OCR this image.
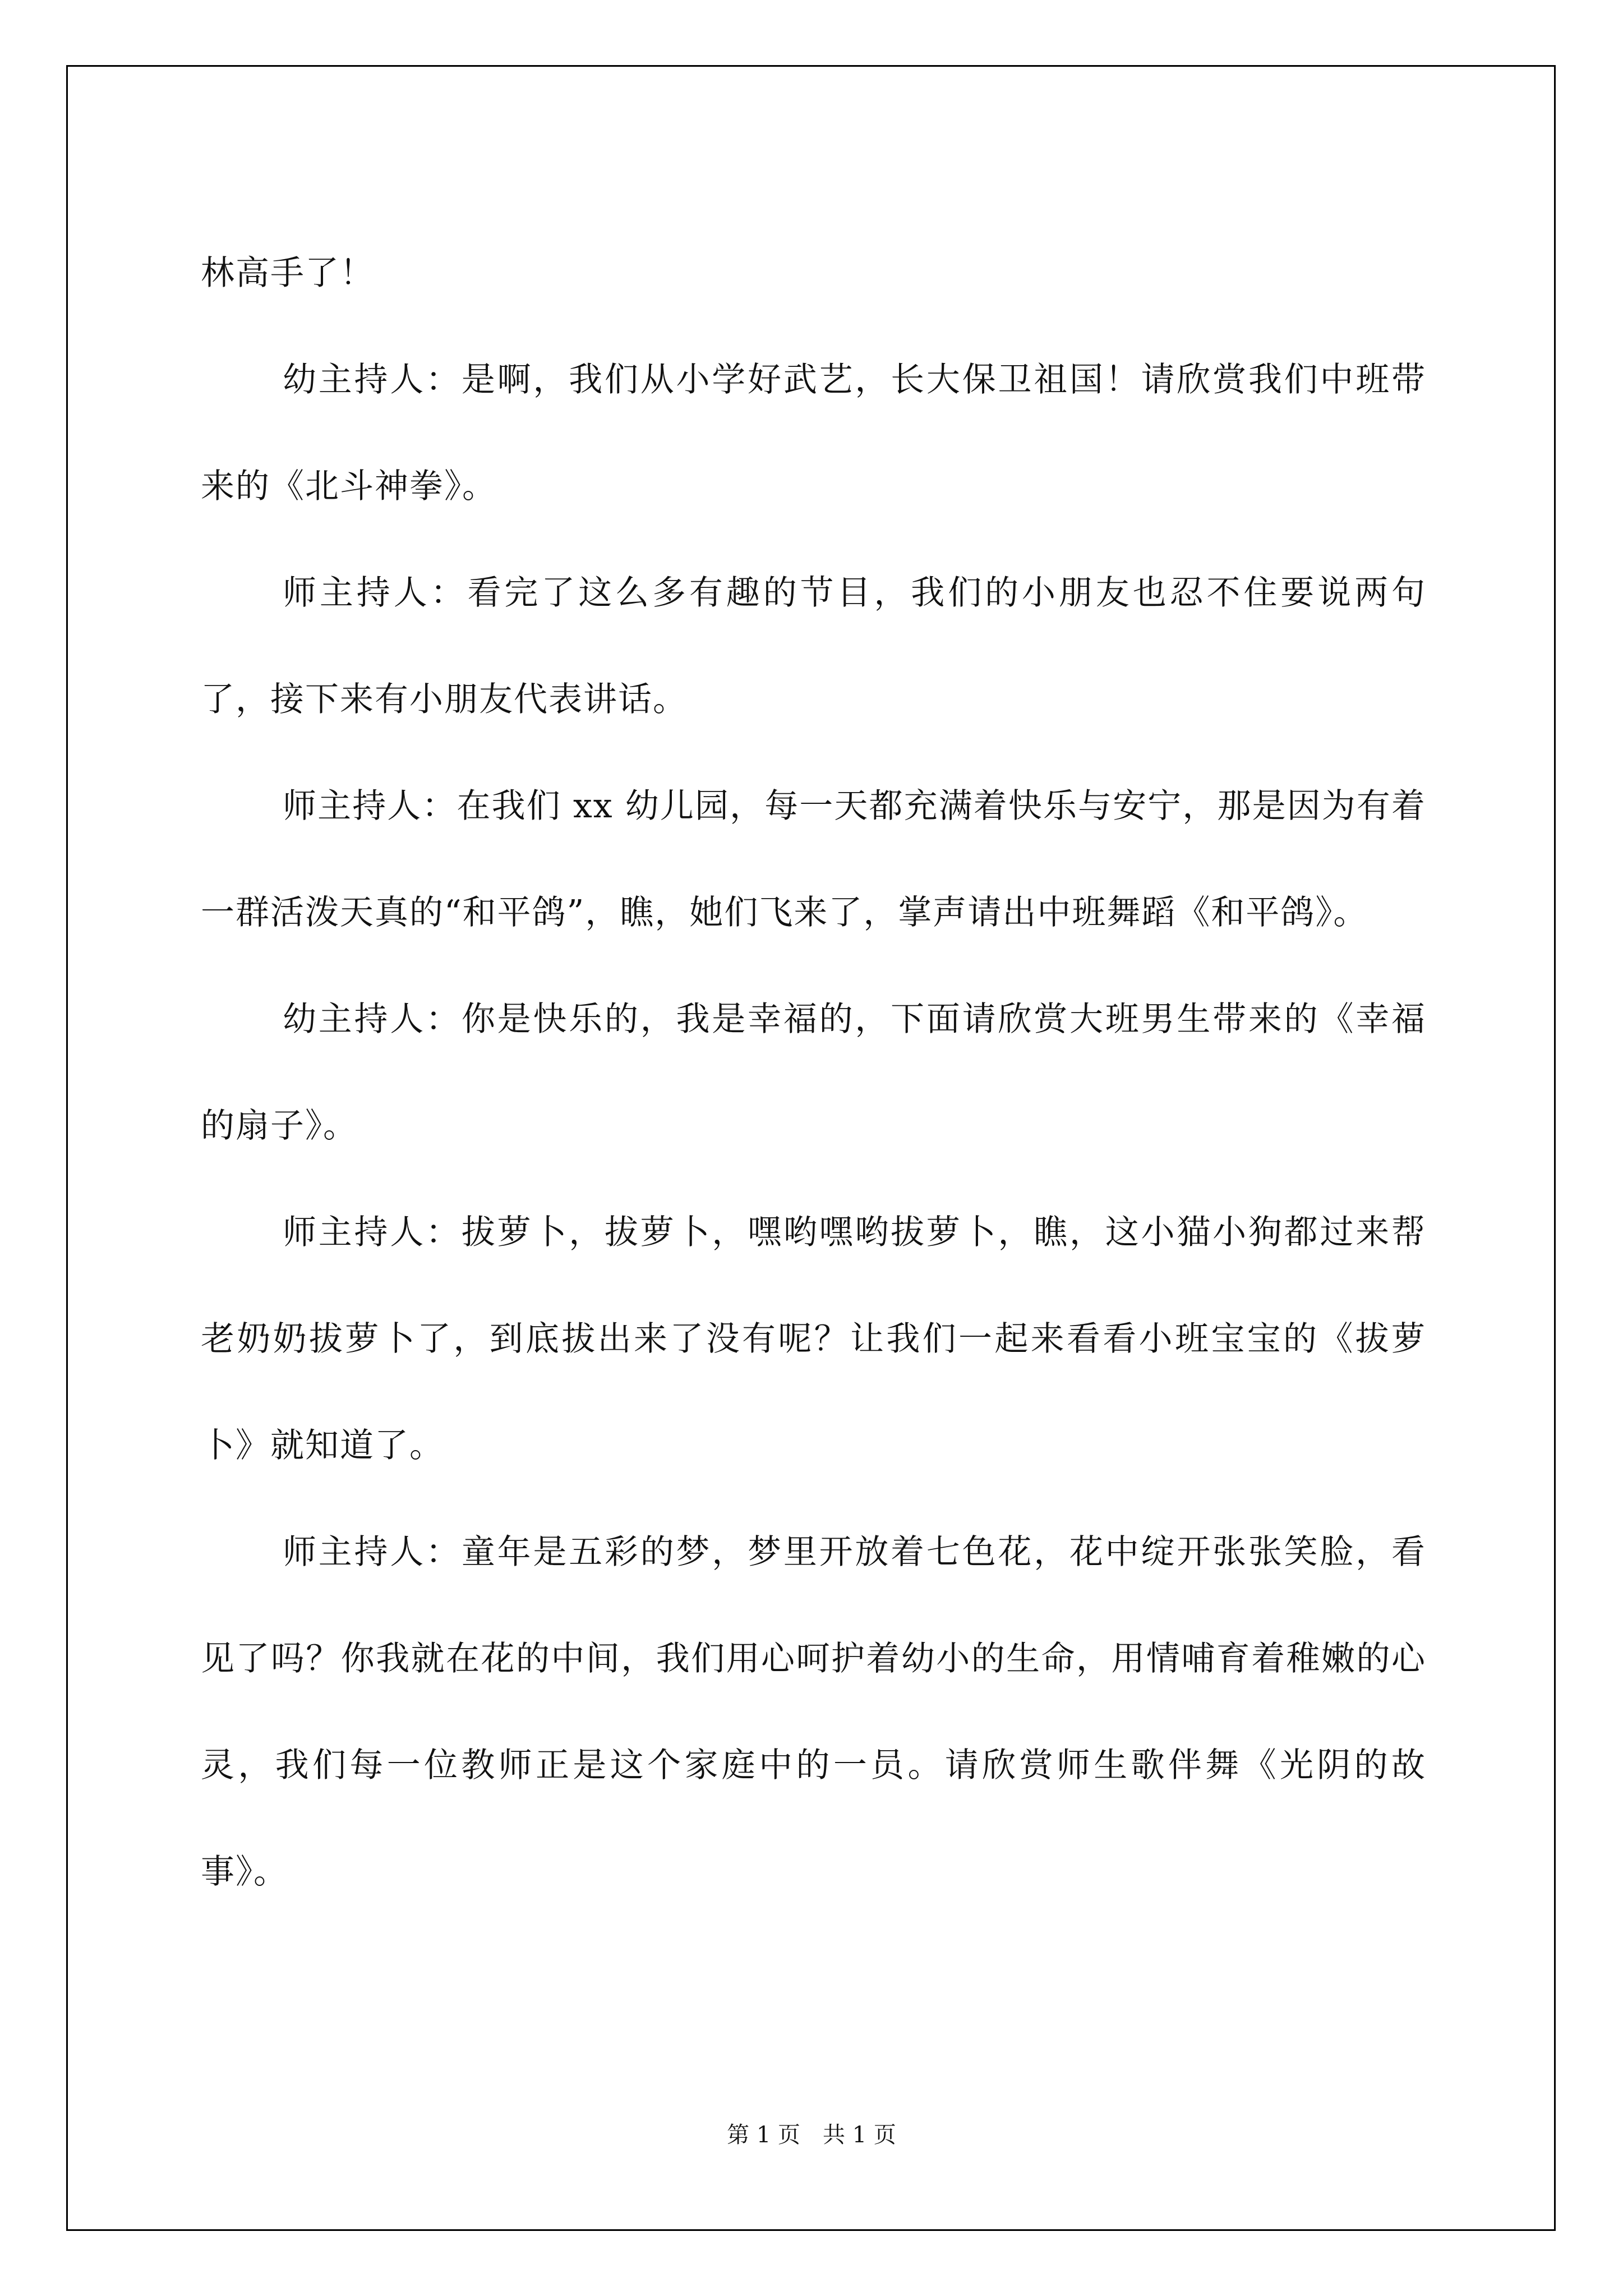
林高手了！

幼主持人：是啊，我们从小学好武艺，长大保卫祖国！请欣赏我们中班带来的《北斗神拳》。

师主持人：看完了这么多有趣的节目，我们的小朋友也忍不住要说两句了，接下来有小朋友代表讲话。

师主持人：在我们 xx 幼儿园，每一天都充满着快乐与安宁，那是因为有着一群活泼天真的“和平鸽”，瞧，她们飞来了，掌声请出中班舞蹈《和平鸽》。

幼主持人：你是快乐的，我是幸福的，下面请欣赏大班男生带来的《幸福的扇子》。

师主持人：拔萝卜，拔萝卜，嘿哟嘿哟拔萝卜，瞧，这小猫小狗都过来帮老奶奶拔萝卜了，到底拔出来了没有呢？让我们一起来看看小班宝宝的《拔萝卜》就知道了。

师主持人：童年是五彩的梦，梦里开放着七色花，花中绽开张张笑脸，看见了吗？你我就在花的中间，我们用心呵护着幼小的生命，用情哺育着稚嫩的心灵，我们每一位教师正是这个家庭中的一员。请欣赏师生歌伴舞《光阴的故事》。

第 1 页　共 1 页
